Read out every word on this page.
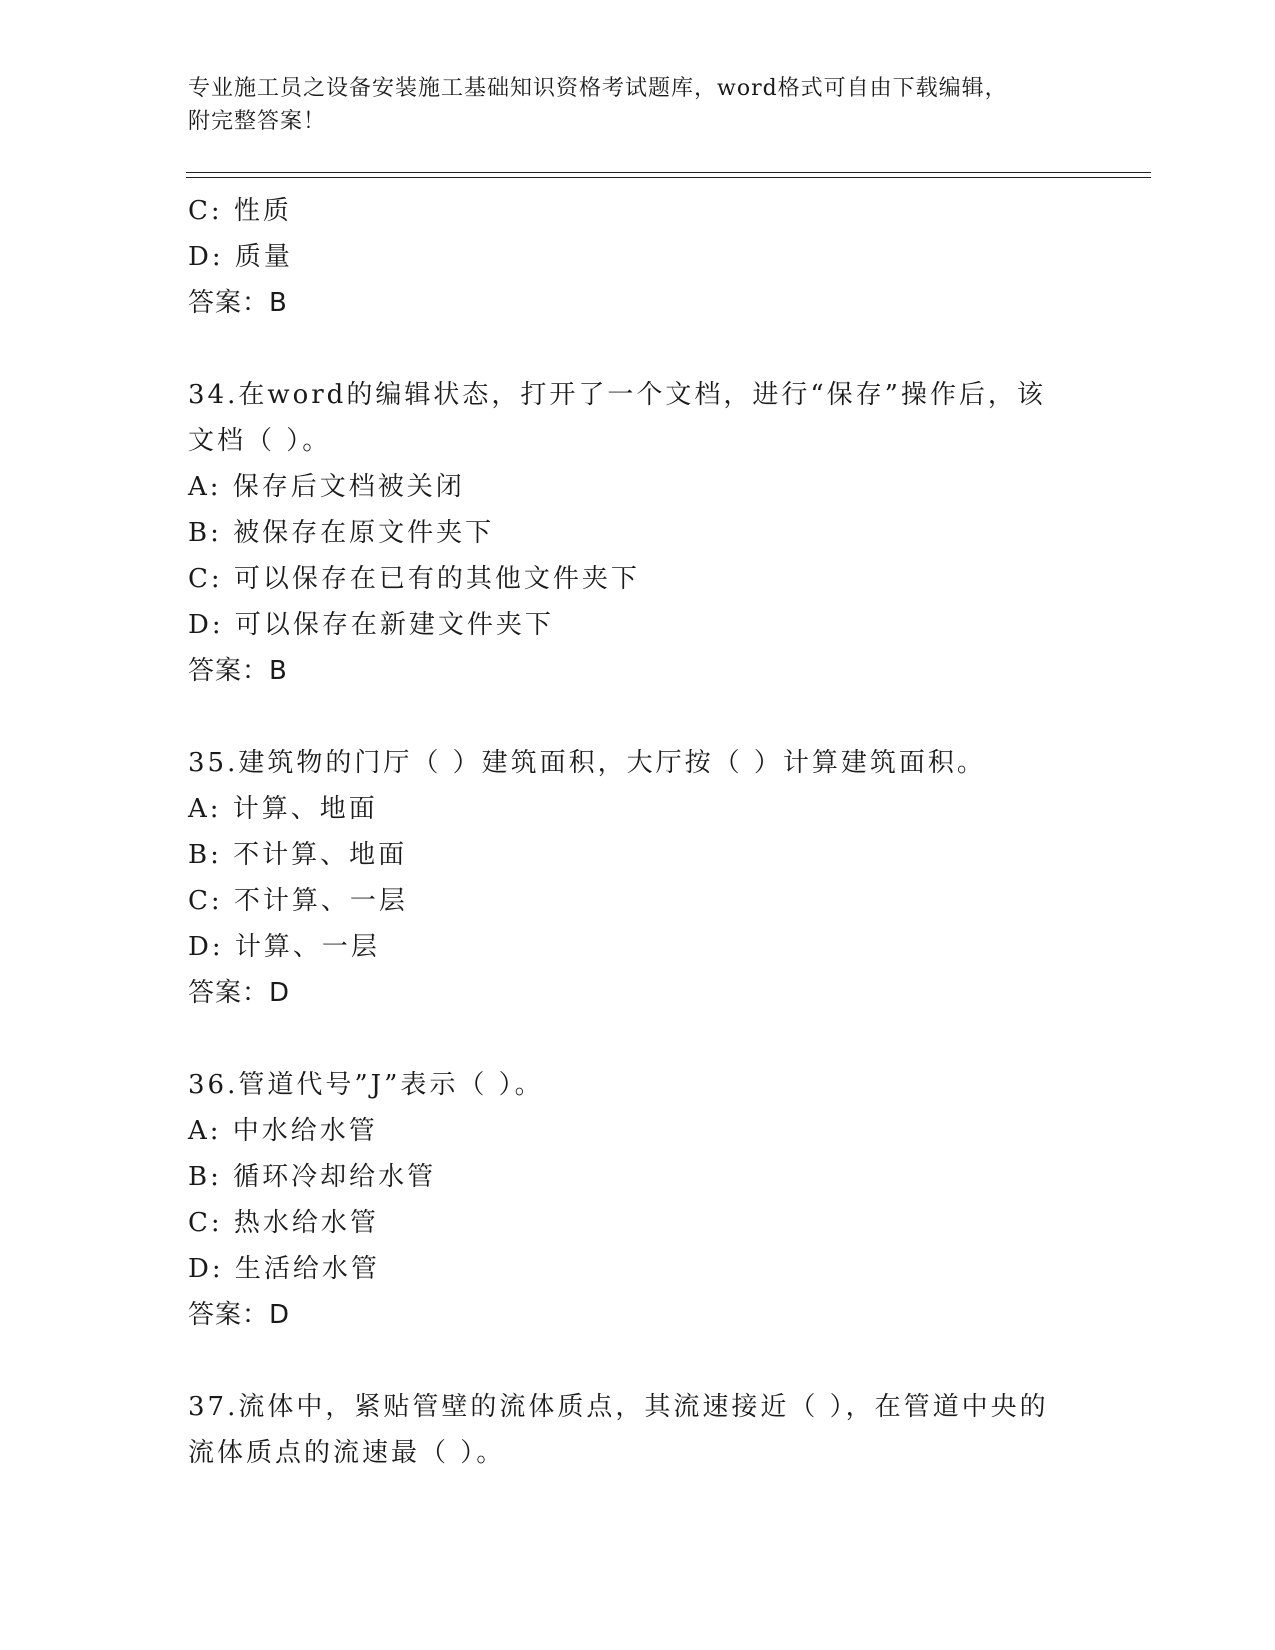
专业施工员之设备安装施工基础知识资格考试题库，word格式可自由下载编辑，
附完整答案！
C: 性质
D: 质量
答案：B
34.在word的编辑状态，打开了一个文档，进行“保存”操作后，该
文档（ ）。
A: 保存后文档被关闭
B: 被保存在原文件夹下
C: 可以保存在已有的其他文件夹下
D: 可以保存在新建文件夹下
答案：B
35.建筑物的门厅（ ）建筑面积，大厅按（ ）计算建筑面积。
A: 计算、地面
B: 不计算、地面
C: 不计算、一层
D: 计算、一层
答案：D
36.管道代号”J”表示（ ）。
A: 中水给水管
B: 循环冷却给水管
C: 热水给水管
D: 生活给水管
答案：D
37.流体中，紧贴管壁的流体质点，其流速接近（ ），在管道中央的
流体质点的流速最（ ）。
